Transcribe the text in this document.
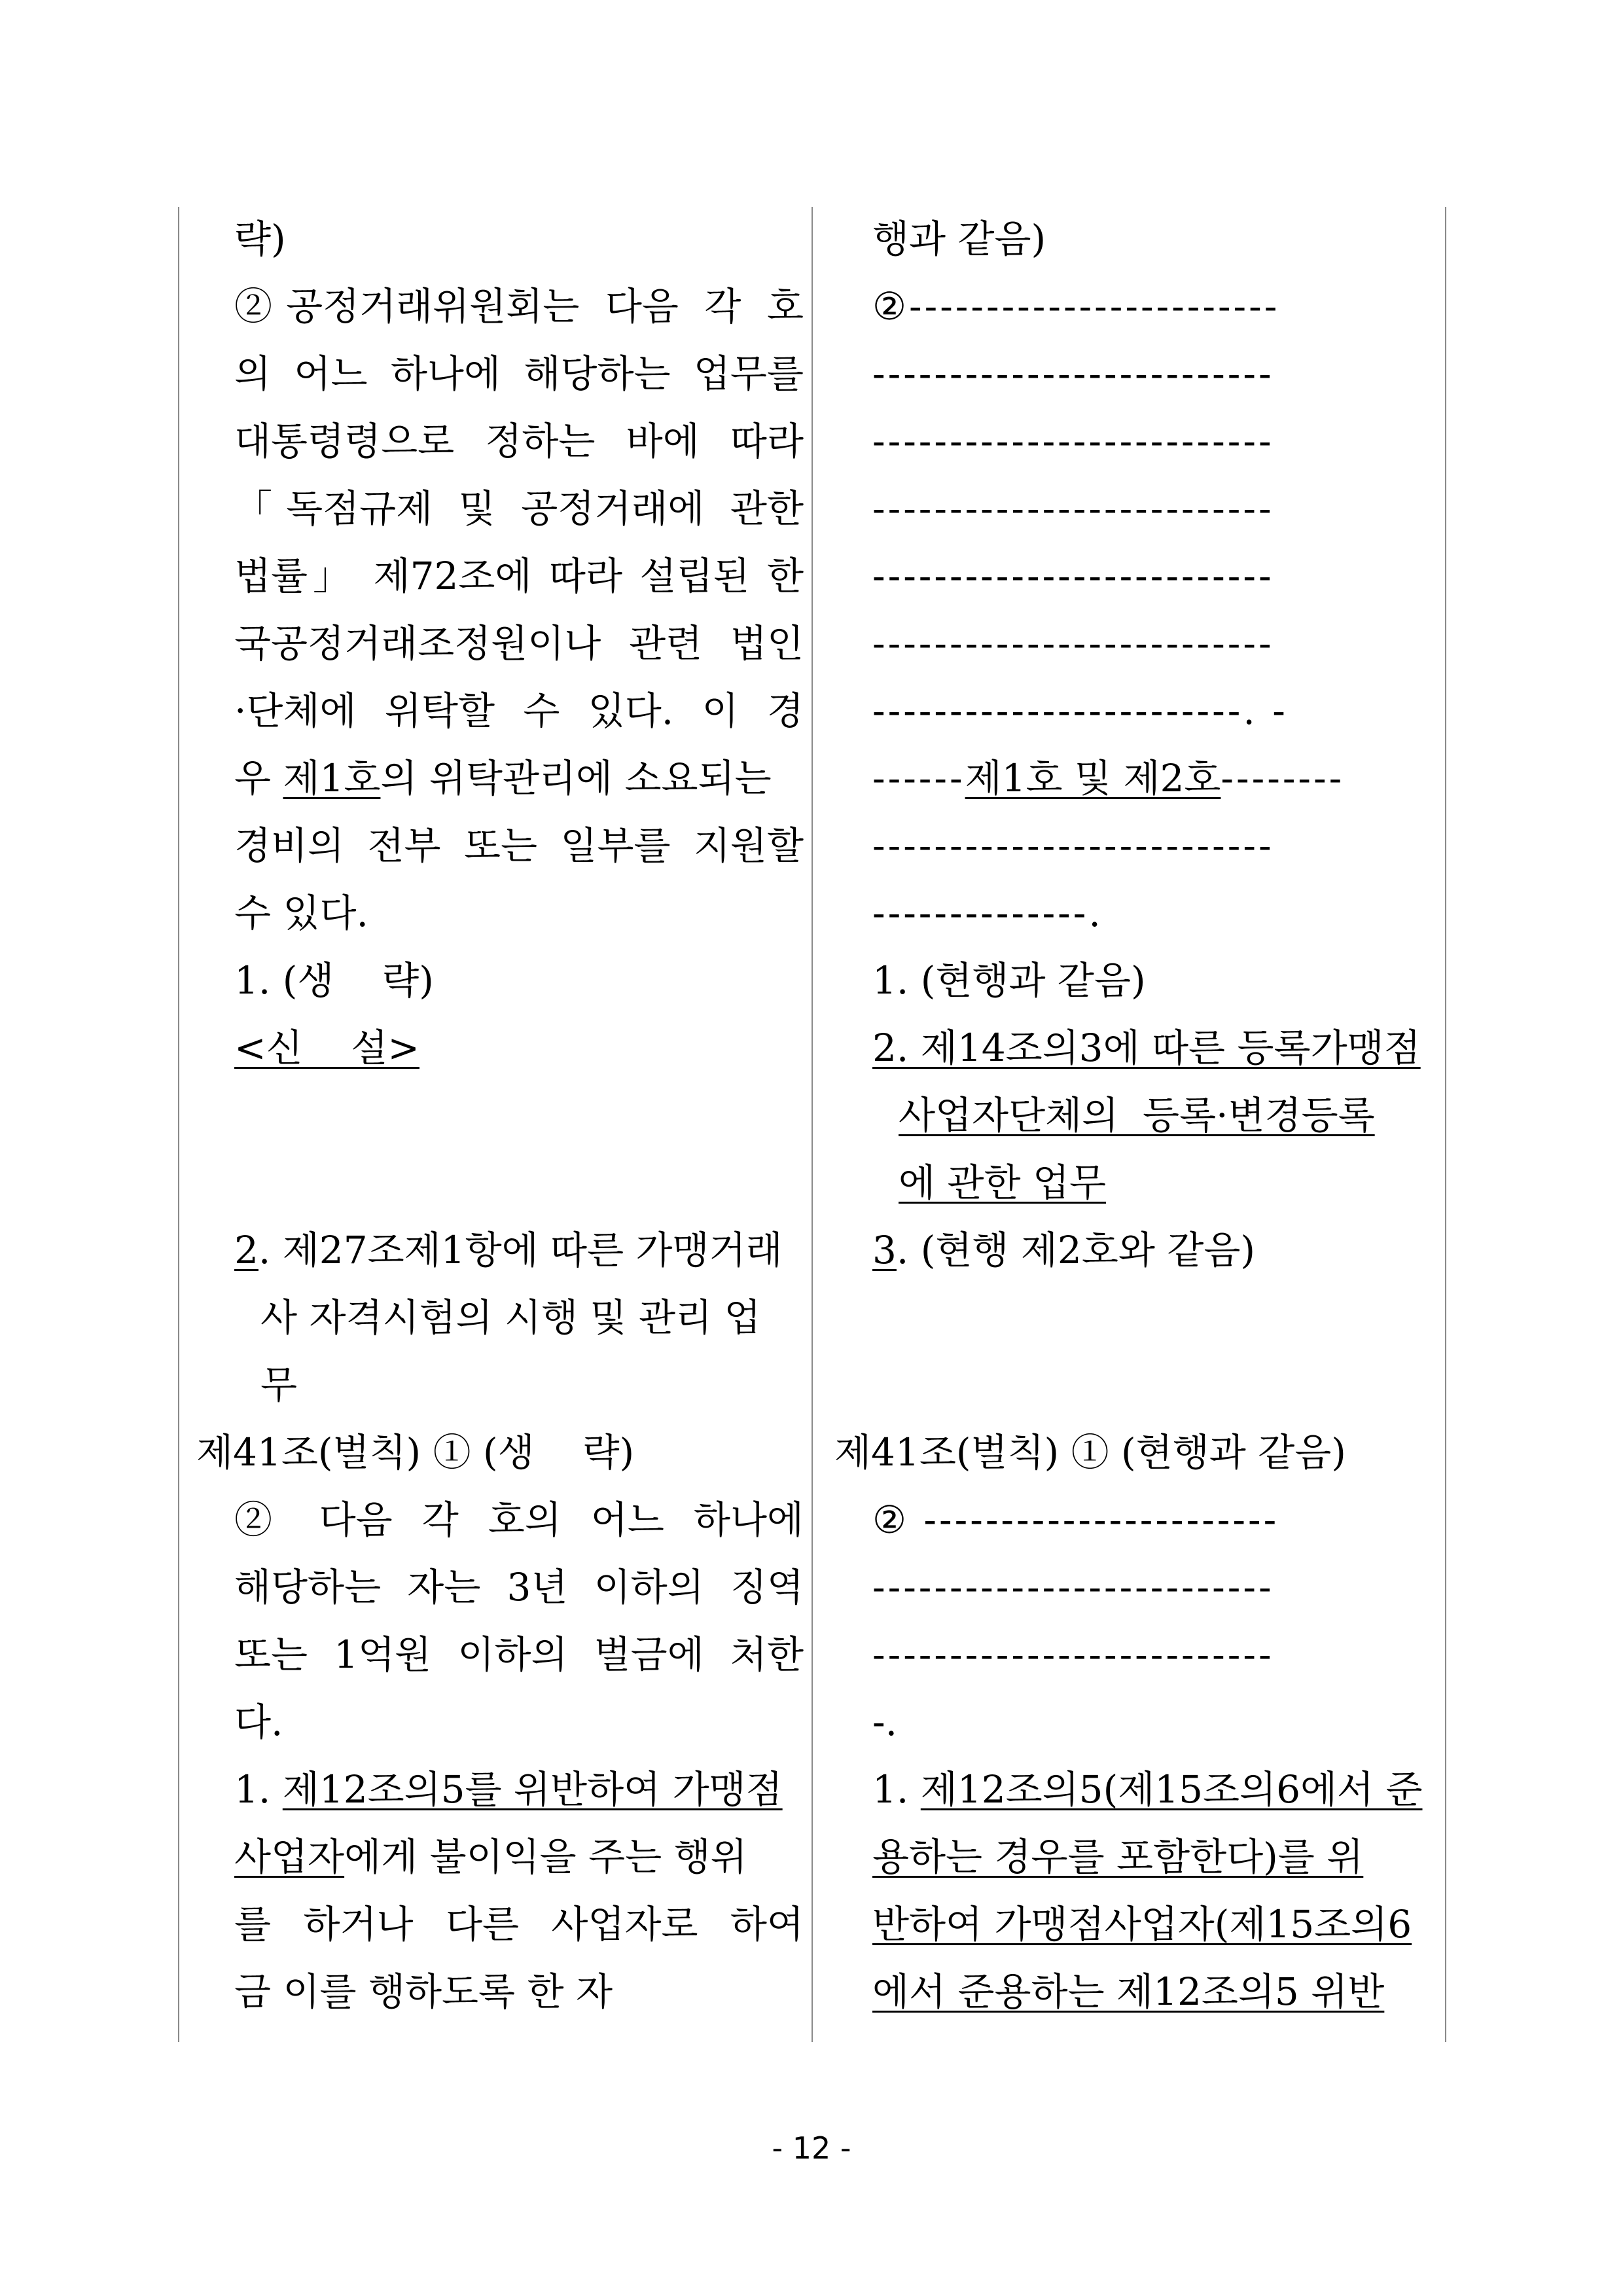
략)
②공정거래위원회는 다음 각 호
의 어느 하나에 해당하는 업무를
대통령령으로 정하는 바에 따라
「독점규제 및 공정거래에 관한
법률」 제72조에 따라 설립된 한
국공정거래조정원이나 관련 법인
·단체에 위탁할 수 있다. 이 경
우 제1호의 위탁관리에 소요되는
경비의 전부 또는 일부를 지원할
수 있다.
1. (생    략)
<신    설>
2. 제27조제1항에 따른 가맹거래
사 자격시험의 시행 및 관리 업
무
제41조(벌칙) ① (생    략)
② 다음 각 호의 어느 하나에
해당하는 자는 3년 이하의 징역
또는 1억원 이하의 벌금에 처한
다.
1. 제12조의5를 위반하여 가맹점
사업자에게 불이익을 주는 행위
를 하거나 다른 사업자로 하여
금 이를 행하도록 한 자
행과 같음)
②------------------------
--------------------------
--------------------------
--------------------------
--------------------------
--------------------------
------------------------. -
------제1호 및 제2호--------
--------------------------
--------------.
1. (현행과 같음)
2. 제14조의3에 따른 등록가맹점
사업자단체의  등록·변경등록
에 관한 업무
3. (현행 제2호와 같음)
제41조(벌칙) ① (현행과 같음)
② -----------------------
--------------------------
--------------------------
-.
1. 제12조의5(제15조의6에서 준
용하는 경우를 포함한다)를 위
반하여 가맹점사업자(제15조의6
에서 준용하는 제12조의5 위반
- 12 -
